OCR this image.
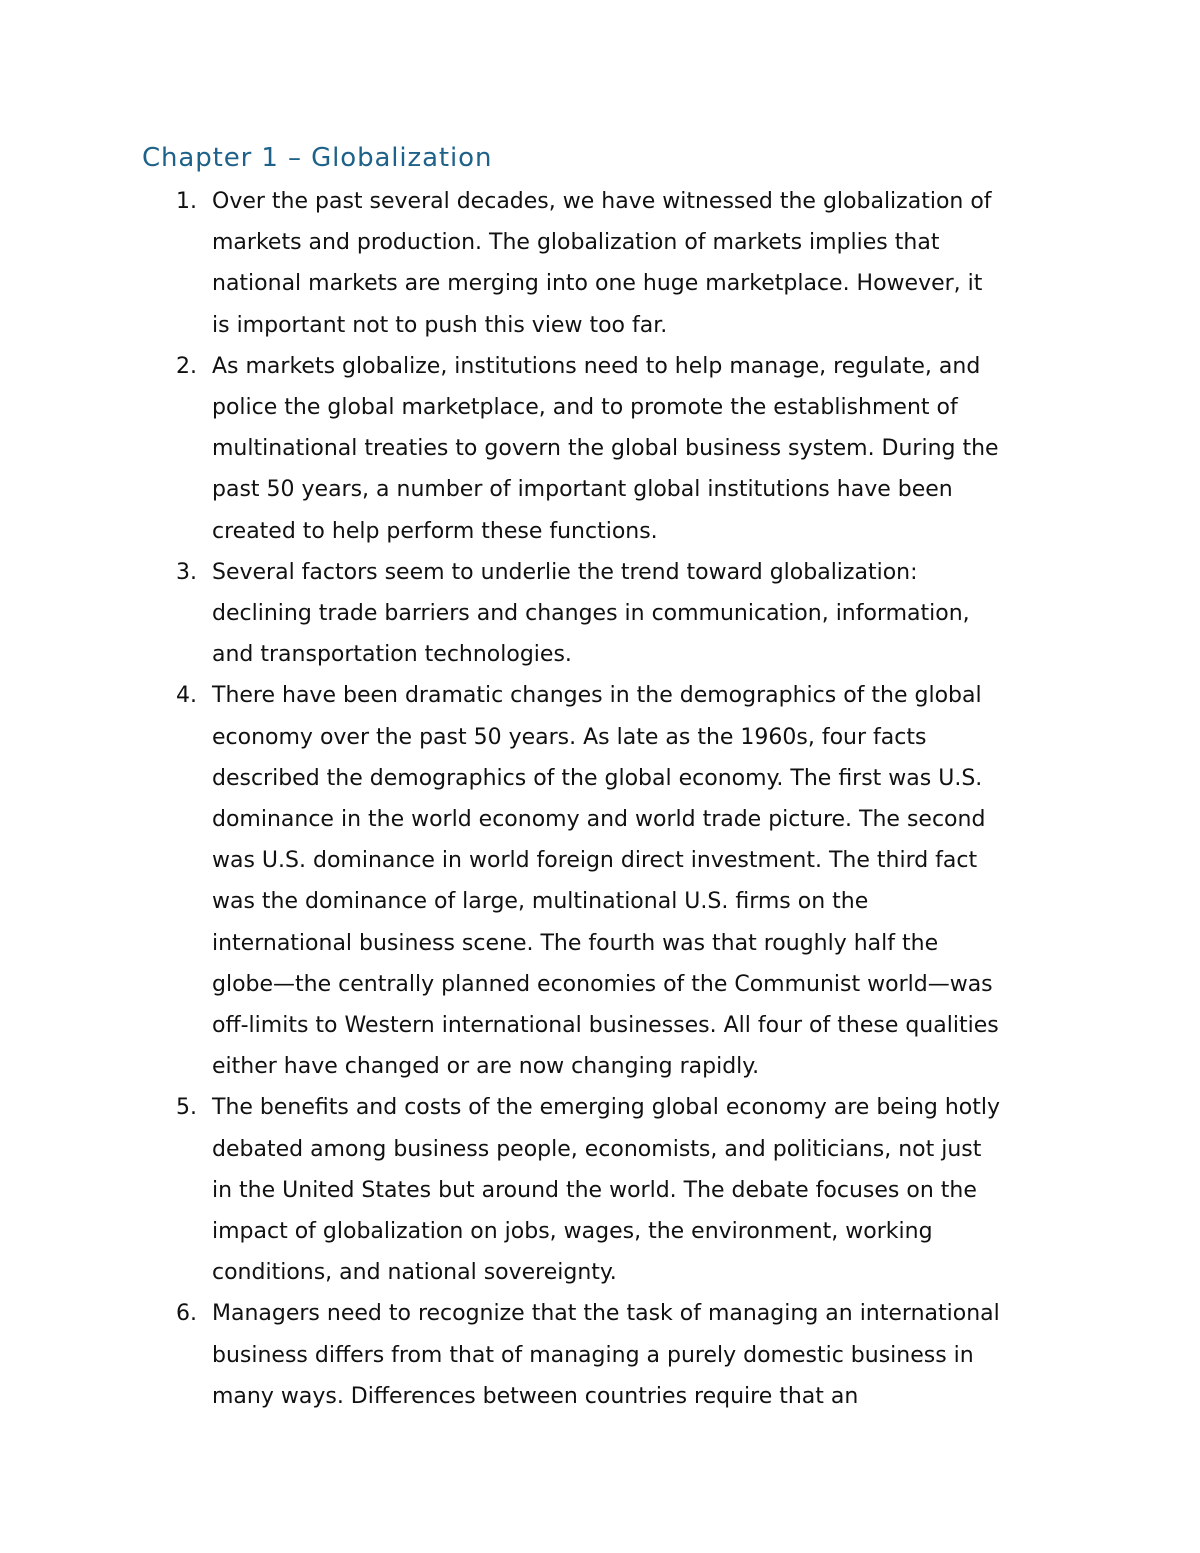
Chapter 1 – Globalization
1. Over the past several decades, we have witnessed the globalization of
markets and production. The globalization of markets implies that
national markets are merging into one huge marketplace. However, it
is important not to push this view too far.
2. As markets globalize, institutions need to help manage, regulate, and
police the global marketplace, and to promote the establishment of
multinational treaties to govern the global business system. During the
past 50 years, a number of important global institutions have been
created to help perform these functions.
3. Several factors seem to underlie the trend toward globalization:
declining trade barriers and changes in communication, information,
and transportation technologies.
4. There have been dramatic changes in the demographics of the global
economy over the past 50 years. As late as the 1960s, four facts
described the demographics of the global economy. The first was U.S.
dominance in the world economy and world trade picture. The second
was U.S. dominance in world foreign direct investment. The third fact
was the dominance of large, multinational U.S. firms on the
international business scene. The fourth was that roughly half the
globe—the centrally planned economies of the Communist world—was
off-limits to Western international businesses. All four of these qualities
either have changed or are now changing rapidly.
5. The benefits and costs of the emerging global economy are being hotly
debated among business people, economists, and politicians, not just
in the United States but around the world. The debate focuses on the
impact of globalization on jobs, wages, the environment, working
conditions, and national sovereignty.
6. Managers need to recognize that the task of managing an international
business differs from that of managing a purely domestic business in
many ways. Differences between countries require that an
